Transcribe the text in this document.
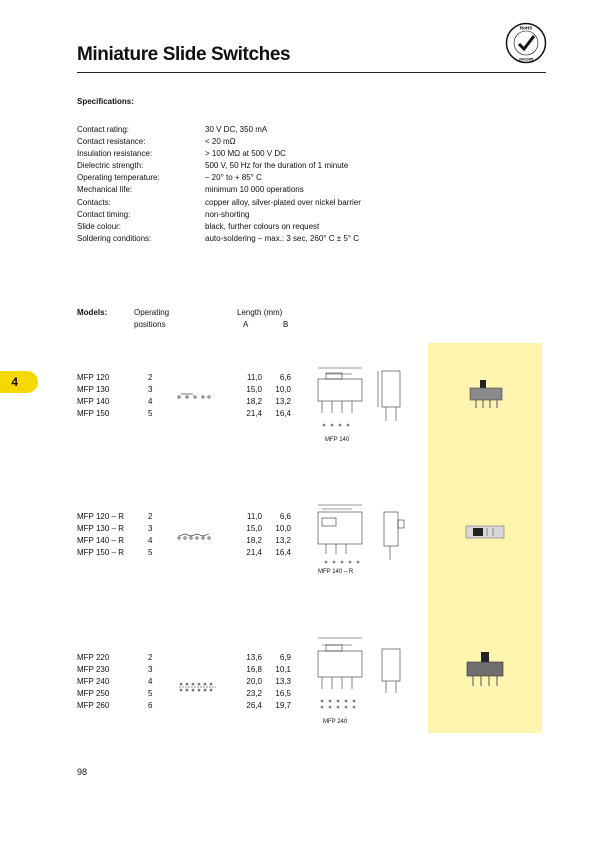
Miniature Slide Switches
RoHS
2002/95
Specifications:
Contact rating:	30 V DC, 350 mA
Contact resistance:	< 20 mΩ
Insulation resistance:	> 100 MΩ at 500 V DC
Dielectric strength:	500 V, 50 Hz for the duration of 1 minute
Operating temperature:	– 20° to + 85° C
Mechanical life:	minimum 10 000 operations
Contacts:	copper alloy, silver-plated over nickel barrier
Contact timing:	non-shorting
Slide colour:	black, further colours on request
Soldering conditions:	auto-soldering – max.: 3 sec, 260° C ± 5° C
Models:	Operating
positions
Length (mm)
A	B
4	MFP 120	2	11,0	6,6
MFP 130	3	15,0	10,0
MFP 140	4	18,2	13,2
MFP 150	5	21,4	16,4
MFP 120 – R	2	11,0	6,6
MFP 130 – R	3	15,0	10,0
MFP 140 – R	4	18,2	13,2
MFP 150 – R	5	21,4	16,4
MFP 220	2	13,6	6,9
MFP 230	3	16,8	10,1
MFP 240	4	20,0	13,3
MFP 250	5	23,2	16,5
MFP 260	6	26,4	19,7
MFP 140
MFP 140 – R
MFP 240
98
